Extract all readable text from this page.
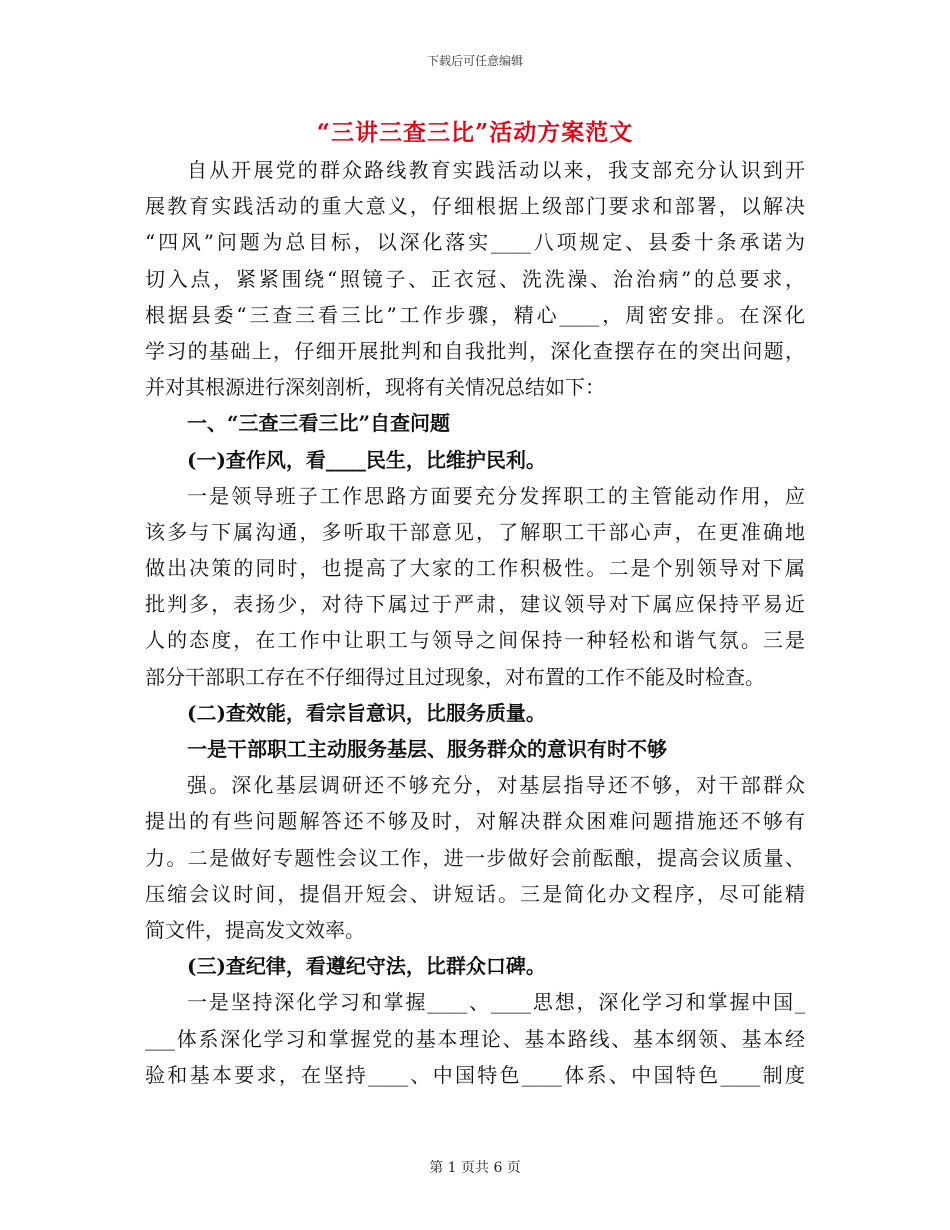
下载后可任意编辑
“三讲三查三比”活动方案范文
自从开展党的群众路线教育实践活动以来，我支部充分认识到开
展教育实践活动的重大意义，仔细根据上级部门要求和部署，以解决
“四风”问题为总目标，以深化落实____八项规定、县委十条承诺为
切入点，紧紧围绕“照镜子、正衣冠、洗洗澡、治治病”的总要求，
根据县委“三查三看三比”工作步骤，精心____，周密安排。在深化
学习的基础上，仔细开展批判和自我批判，深化查摆存在的突出问题，
并对其根源进行深刻剖析，现将有关情况总结如下：
一、“三查三看三比”自查问题
(一)查作风，看____民生，比维护民利。
一是领导班子工作思路方面要充分发挥职工的主管能动作用，应
该多与下属沟通，多听取干部意见，了解职工干部心声，在更准确地
做出决策的同时，也提高了大家的工作积极性。二是个别领导对下属
批判多，表扬少，对待下属过于严肃，建议领导对下属应保持平易近
人的态度，在工作中让职工与领导之间保持一种轻松和谐气氛。三是
部分干部职工存在不仔细得过且过现象，对布置的工作不能及时检查。
(二)查效能，看宗旨意识，比服务质量。
一是干部职工主动服务基层、服务群众的意识有时不够
强。深化基层调研还不够充分，对基层指导还不够，对干部群众
提出的有些问题解答还不够及时，对解决群众困难问题措施还不够有
力。二是做好专题性会议工作，进一步做好会前酝酿，提高会议质量、
压缩会议时间，提倡开短会、讲短话。三是简化办文程序，尽可能精
简文件，提高发文效率。
(三)查纪律，看遵纪守法，比群众口碑。
一是坚持深化学习和掌握____、____思想，深化学习和掌握中国_
___体系深化学习和掌握党的基本理论、基本路线、基本纲领、基本经
验和基本要求，在坚持____、中国特色____体系、中国特色____制度
第 1 页共 6 页
